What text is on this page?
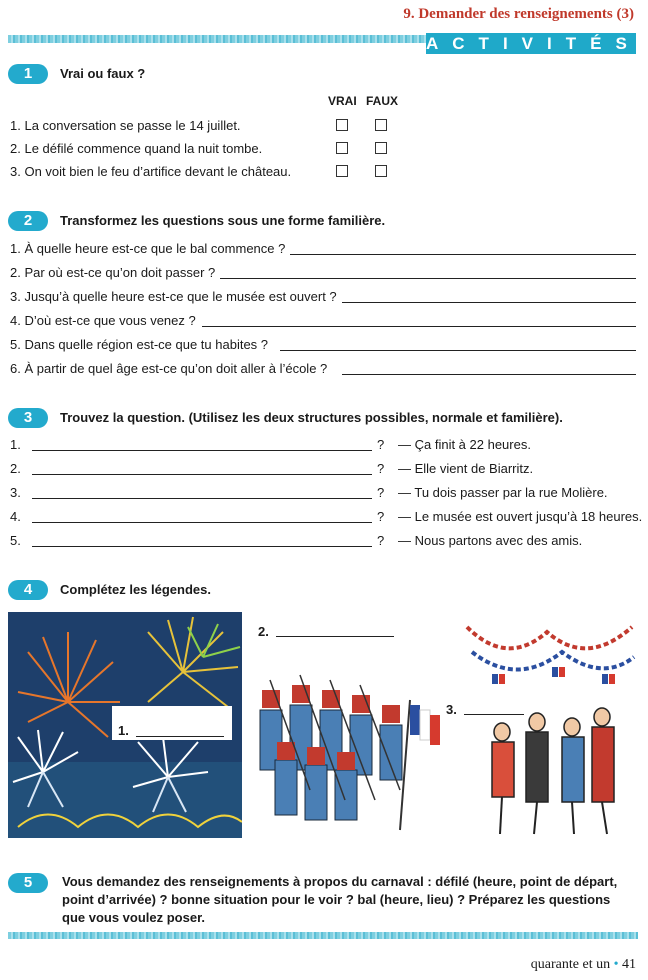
9. Demander des renseignements (3)
ACTIVITÉS
1	Vrai ou faux ?
VRAI FAUX
1. La conversation se passe le 14 juillet.
2. Le défilé commence quand la nuit tombe.
3. On voit bien le feu d’artifice devant le château.
2	Transformez les questions sous une forme familière.
1. À quelle heure est-ce que le bal commence ?
2. Par où est-ce qu’on doit passer ?
3. Jusqu’à quelle heure est-ce que le musée est ouvert ?
4. D’où est-ce que vous venez ?
5. Dans quelle région est-ce que tu habites ?
6. À partir de quel âge est-ce qu’on doit aller à l’école ?
3	Trouvez la question. (Utilisez les deux structures possibles, normale et familière).
1.	? — Ça finit à 22 heures.
2.	? — Elle vient de Biarritz.
3.	? — Tu dois passer par la rue Molière.
4.	? — Le musée est ouvert jusqu’à 18 heures.
5.	? — Nous partons avec des amis.
4	Complétez les légendes.
1.
2.
3.
5	Vous demandez des renseignements à propos du carnaval : défilé (heure, point de départ,
point d’arrivée) ? bonne situation pour le voir ? bal (heure, lieu) ? Préparez les questions
que vous voulez poser.
quarante et un • 41
